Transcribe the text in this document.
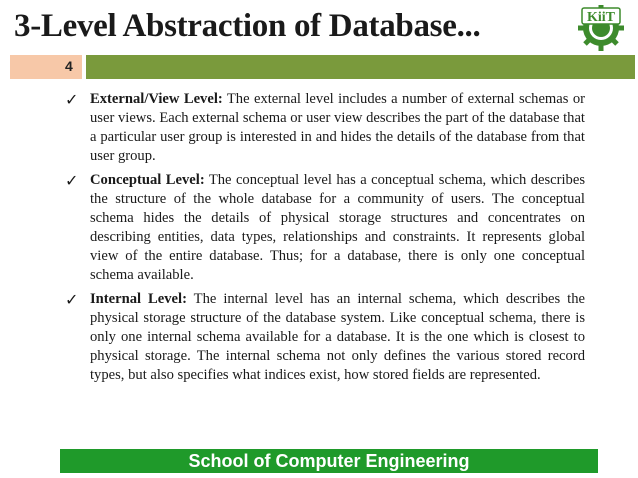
3-Level Abstraction of Database...	KiiT
4
✓ External/View Level: The external level includes a number of external schemas or user views. Each external schema or user view describes the part of the database that a particular user group is interested in and hides the details of the database from that user group.
✓ Conceptual Level: The conceptual level has a conceptual schema, which describes the structure of the whole database for a community of users. The conceptual schema hides the details of physical storage structures and concentrates on describing entities, data types, relationships and constraints. It represents global view of the entire database. Thus; for a database, there is only one conceptual schema available.
✓ Internal Level: The internal level has an internal schema, which describes the physical storage structure of the database system. Like conceptual schema, there is only one internal schema available for a database. It is the one which is closest to physical storage. The internal schema not only defines the various stored record types, but also specifies what indices exist, how stored fields are represented.
School of Computer Engineering
